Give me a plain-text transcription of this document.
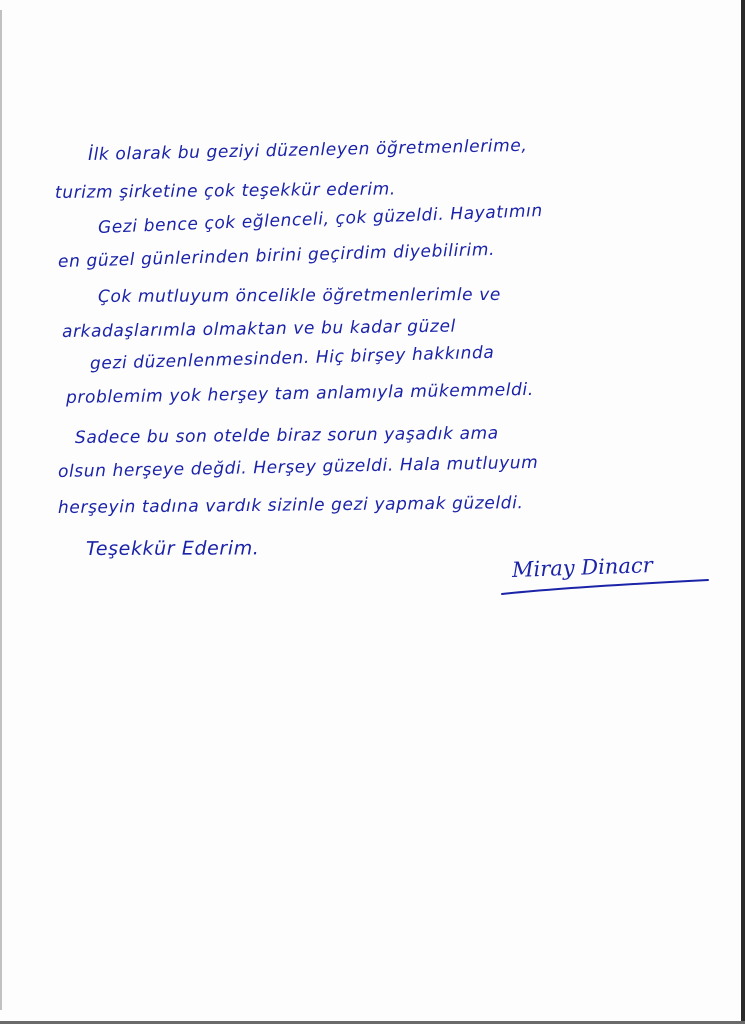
İlk olarak bu geziyi düzenleyen öğretmenlerime,
turizm şirketine çok teşekkür ederim.
Gezi bence çok eğlenceli, çok güzeldi. Hayatımın
en güzel günlerinden birini geçirdim diyebilirim.
Çok mutluyum öncelikle öğretmenlerimle ve
arkadaşlarımla olmaktan ve bu kadar güzel
gezi düzenlenmesinden. Hiç birşey hakkında
problemim yok herşey tam anlamıyla mükemmeldi.
Sadece bu son otelde biraz sorun yaşadık ama
olsun herşeye değdi. Herşey güzeldi. Hala mutluyum
herşeyin tadına vardık sizinle gezi yapmak güzeldi.
Teşekkür Ederim.
Miray Dinacr
